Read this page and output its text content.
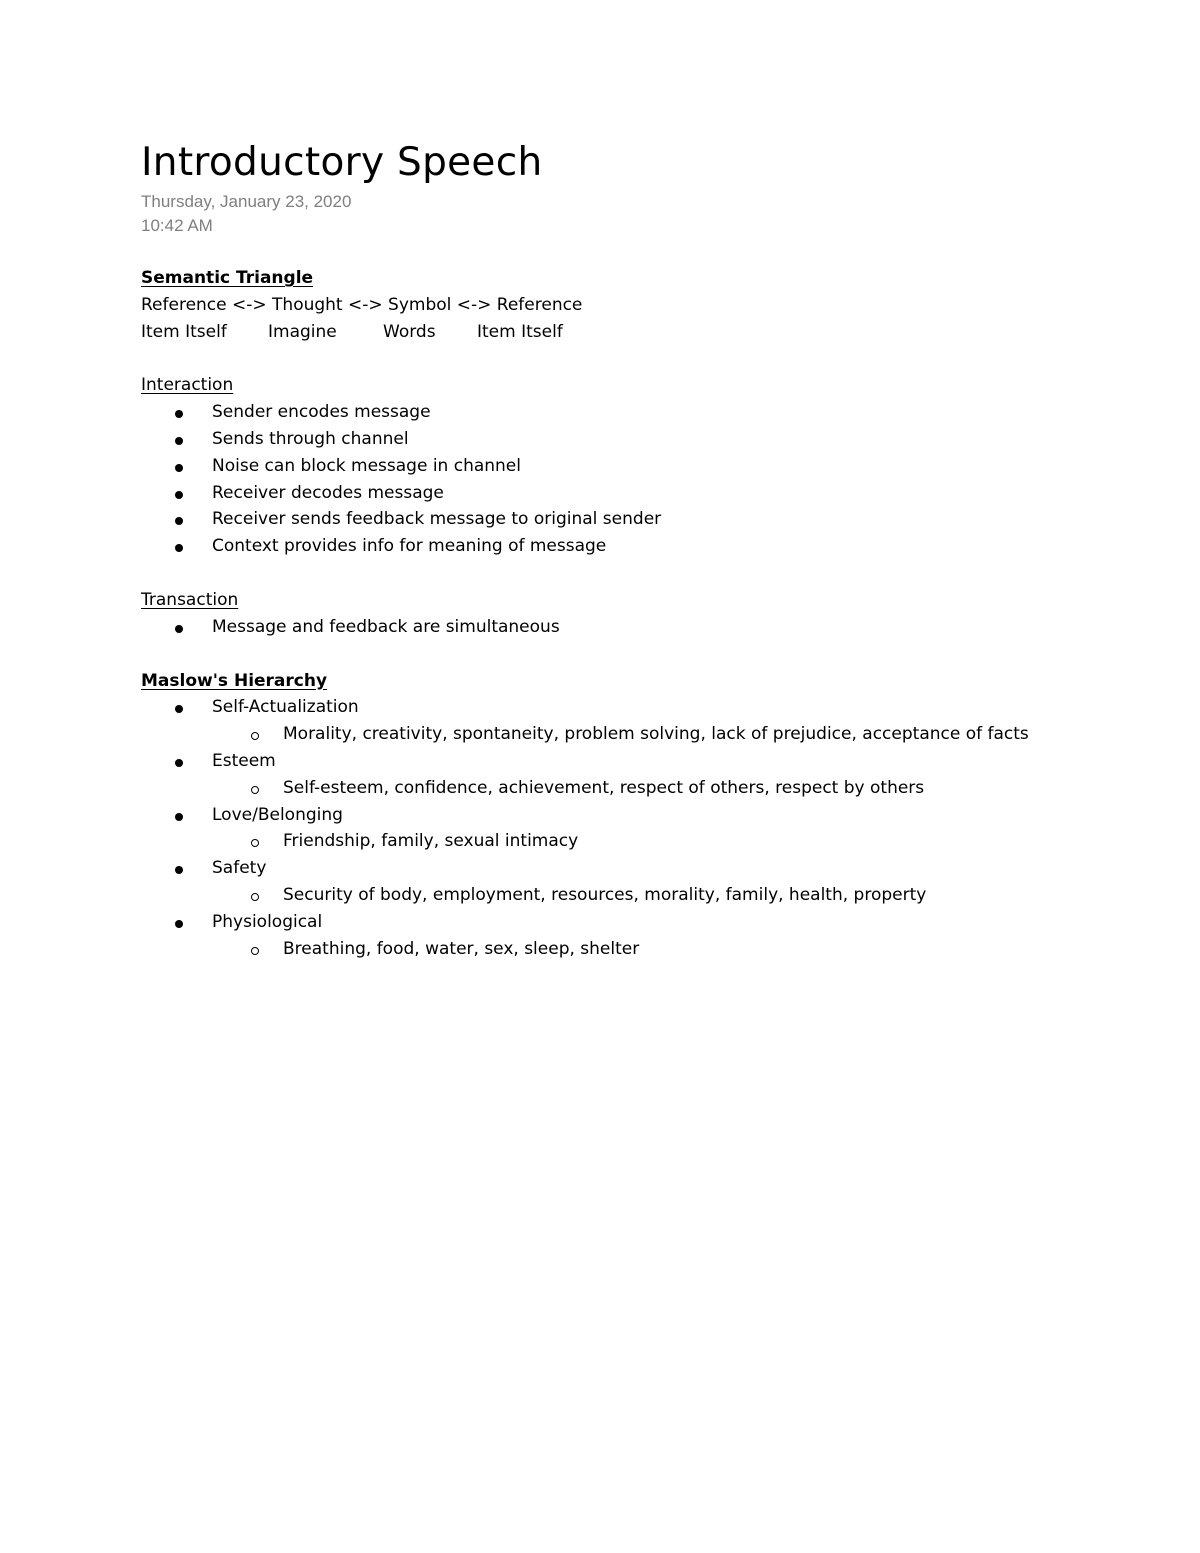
Introductory Speech
Thursday, January 23, 2020
10:42 AM
Semantic Triangle
Reference <-> Thought <-> Symbol <-> Reference
Item Itself	Imagine	Words	Item Itself
Interaction
Sender encodes message
Sends through channel
Noise can block message in channel
Receiver decodes message
Receiver sends feedback message to original sender
Context provides info for meaning of message
Transaction
Message and feedback are simultaneous
Maslow's Hierarchy
Self-Actualization
Morality, creativity, spontaneity, problem solving, lack of prejudice, acceptance of facts
Esteem
Self-esteem, confidence, achievement, respect of others, respect by others
Love/Belonging
Friendship, family, sexual intimacy
Safety
Security of body, employment, resources, morality, family, health, property
Physiological
Breathing, food, water, sex, sleep, shelter
